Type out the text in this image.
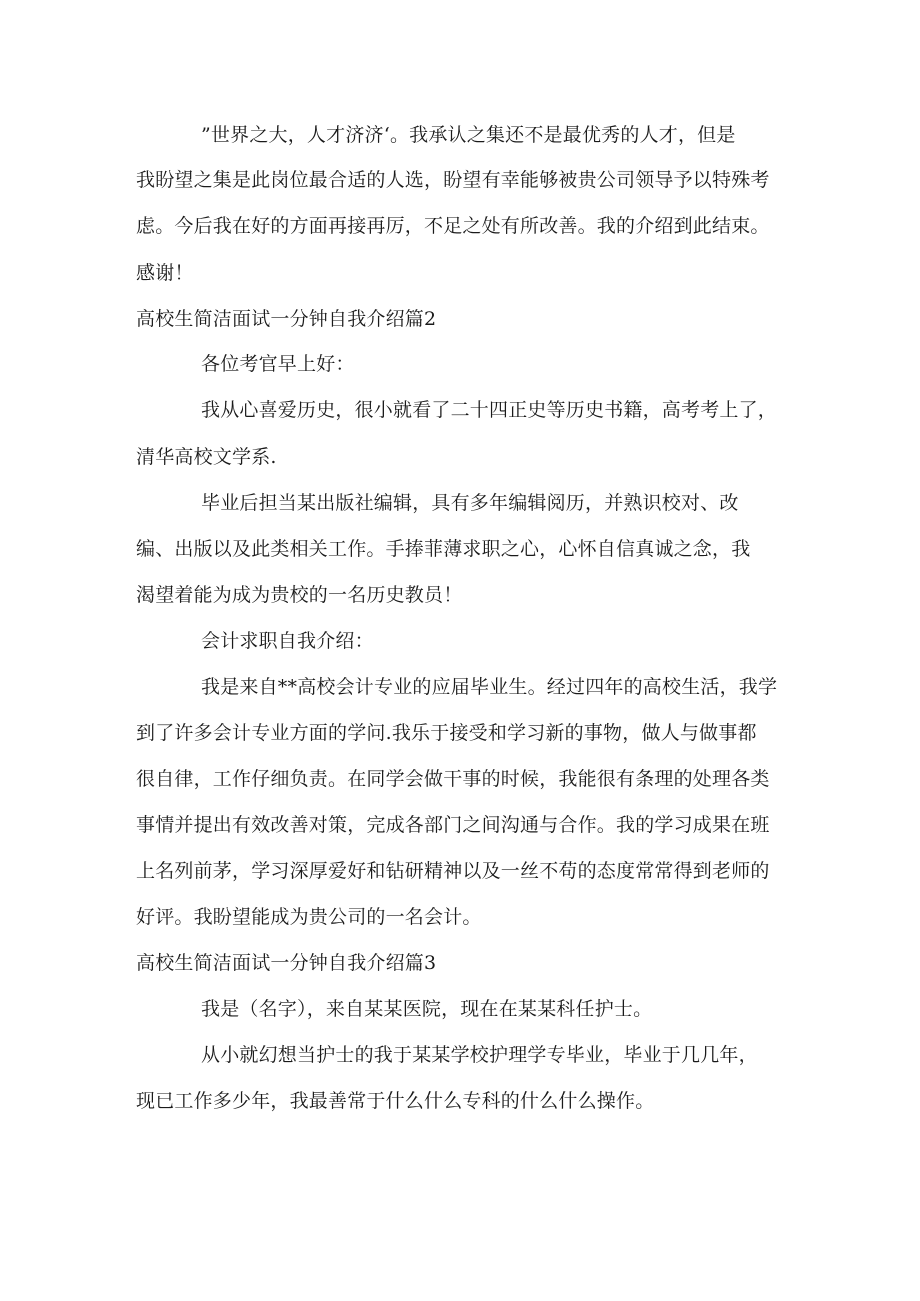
”世界之大，人才济济‘。我承认之集还不是最优秀的人才，但是
我盼望之集是此岗位最合适的人选，盼望有幸能够被贵公司领导予以特殊考
虑。今后我在好的方面再接再厉，不足之处有所改善。我的介绍到此结束。
感谢！
高校生简洁面试一分钟自我介绍篇2
各位考官早上好：
我从心喜爱历史，很小就看了二十四正史等历史书籍，高考考上了，
清华高校文学系.
毕业后担当某出版社编辑，具有多年编辑阅历，并熟识校对、改
编、出版以及此类相关工作。手捧菲薄求职之心，心怀自信真诚之念，我
渴望着能为成为贵校的一名历史教员！
会计求职自我介绍：
我是来自**高校会计专业的应届毕业生。经过四年的高校生活，我学
到了许多会计专业方面的学问.我乐于接受和学习新的事物，做人与做事都
很自律，工作仔细负责。在同学会做干事的时候，我能很有条理的处理各类
事情并提出有效改善对策，完成各部门之间沟通与合作。我的学习成果在班
上名列前茅，学习深厚爱好和钻研精神以及一丝不苟的态度常常得到老师的
好评。我盼望能成为贵公司的一名会计。
高校生简洁面试一分钟自我介绍篇3
我是（名字），来自某某医院，现在在某某科任护士。
从小就幻想当护士的我于某某学校护理学专毕业，毕业于几几年，
现已工作多少年，我最善常于什么什么专科的什么什么操作。
